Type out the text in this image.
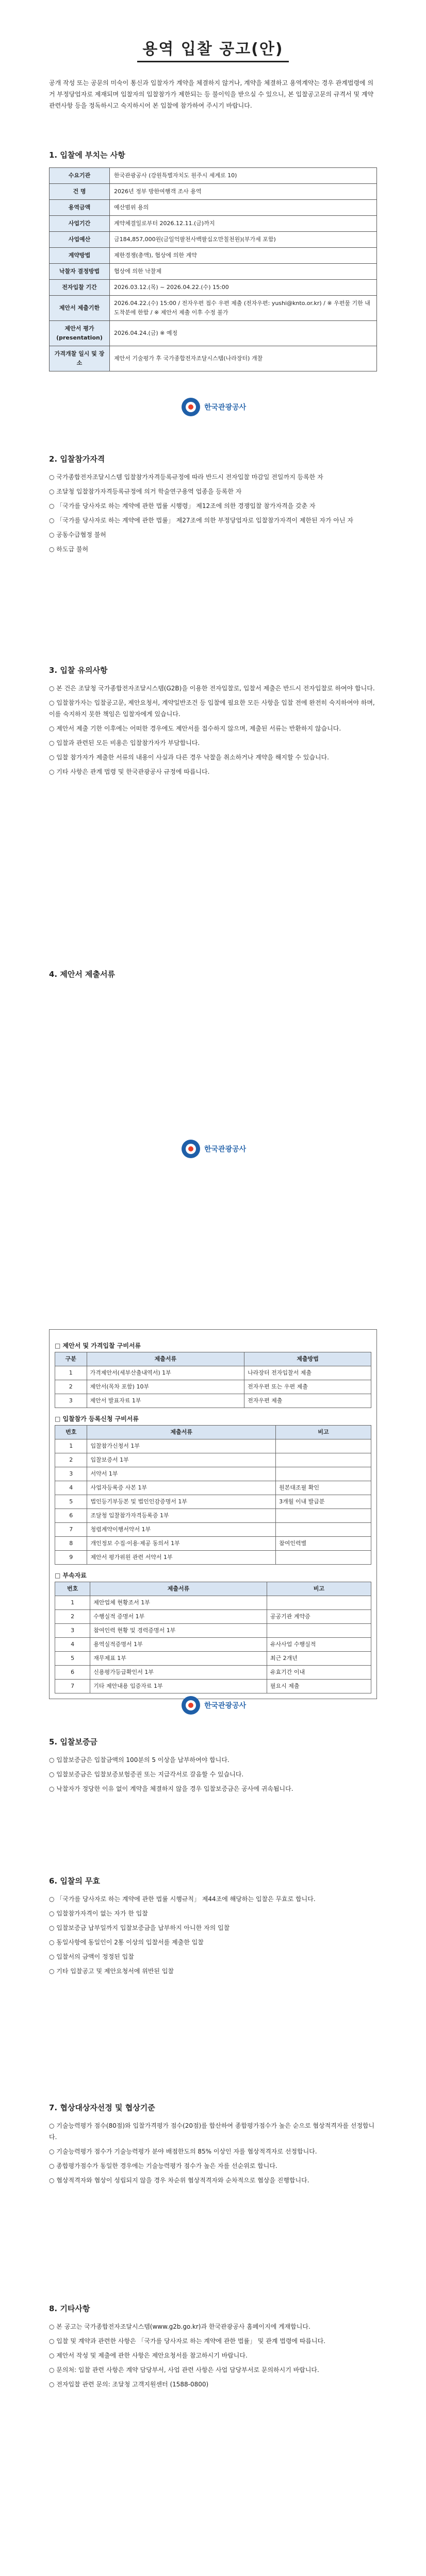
용역 입찰 공고(안)
공개 작성 또는 공문의 미숙이 통신과 입찰자가 계약을 체결하지 않거나, 계약을 체결하고 용역계약는 경우 관계법령에 의거 부정당업자로 제재되며 입찰자의 입찰참가가 제한되는 등 불이익을 받으실 수 있으니, 본 입찰공고문의 규격서 및 계약관련사항 등을 정독하시고 숙지하시어 본 입찰에 참가하여 주시기 바랍니다.
1. 입찰에 부치는 사항
수요기관	한국관광공사 (강원특별자치도 원주시 세계로 10)
건 명	2026년 정부 방한여행객 조사 용역
용역금액	예산범위 용의
사업기간	계약체결일로부터 2026.12.11.(금)까지
사업예산	금184,857,000원(금일억팔천사백팔십오만칠천원)(부가세 포함)
계약방법	제한경쟁(총액), 협상에 의한 계약
낙찰자 결정방법	협상에 의한 낙찰제
전자입찰 기간	2026.03.12.(목) ~ 2026.04.22.(수) 15:00
제안서 제출기한	2026.04.22.(수) 15:00 / 전자우편 접수 우편 제출 (전자우편: yushi@knto.or.kr) / ※ 우편물 기한 내 도착분에 한함 / ※ 제안서 제출 이후 수정 불가
제안서 평가 (presentation)	2026.04.24.(금) ※ 예정
가격개찰 일시 및 장소	제안서 기술평가 후 국가종합전자조달시스템(나라장터) 개찰
한국관광공사
2. 입찰참가자격

○ 국가종합전자조달시스템 입찰참가자격등록규정에 따라 반드시 전자입찰 마감일 전일까지 등록한 자

○ 조달청 입찰참가자격등록규정에 의거 학술연구용역 업종을 등록한 자

○ 「국가를 당사자로 하는 계약에 관한 법률 시행령」 제12조에 의한 경쟁입찰 참가자격을 갖춘 자

○ 「국가를 당사자로 하는 계약에 관한 법률」 제27조에 의한 부정당업자로 입찰참가자격이 제한된 자가 아닌 자

○ 공동수급협정 불허

○ 하도급 불허

3. 입찰 유의사항

○ 본 건은 조달청 국가종합전자조달시스템(G2B)을 이용한 전자입찰로, 입찰서 제출은 반드시 전자입찰로 하여야 합니다.

○ 입찰참가자는 입찰공고문, 제안요청서, 계약일반조건 등 입찰에 필요한 모든 사항을 입찰 전에 완전히 숙지하여야 하며, 이를 숙지하지 못한 책임은 입찰자에게 있습니다.

○ 제안서 제출 기한 이후에는 어떠한 경우에도 제안서를 접수하지 않으며, 제출된 서류는 반환하지 않습니다.

○ 입찰과 관련된 모든 비용은 입찰참가자가 부담합니다.

○ 입찰 참가자가 제출한 서류의 내용이 사실과 다른 경우 낙찰을 취소하거나 계약을 해지할 수 있습니다.

○ 기타 사항은 관계 법령 및 한국관광공사 규정에 따릅니다.

4. 제안서 제출서류
한국관광공사
□ 제안서 및 가격입찰 구비서류
구분	제출서류	제출방법
1	가격제안서(세부산출내역서) 1부	나라장터 전자입찰서 제출
2	제안서(목차 포함) 10부	전자우편 또는 우편 제출
3	제안서 발표자료 1부	전자우편 제출
□ 입찰참가 등록신청 구비서류
번호	제출서류	비고
1	입찰참가신청서 1부	
2	입찰보증서 1부	
3	서약서 1부	
4	사업자등록증 사본 1부	원본대조필 확인
5	법인등기부등본 및 법인인감증명서 1부	3개월 이내 발급분
6	조달청 입찰참가자격등록증 1부	
7	청렴계약이행서약서 1부	
8	개인정보 수집·이용·제공 동의서 1부	참여인력별
9	제안서 평가위원 관련 서약서 1부	
□ 부속자료
번호	제출서류	비고
1	제안업체 현황조서 1부	
2	수행실적 증명서 1부	공공기관 계약증
3	참여인력 현황 및 경력증명서 1부	
4	용역실적증명서 1부	유사사업 수행실적
5	재무제표 1부	최근 2개년
6	신용평가등급확인서 1부	유효기간 이내
7	기타 제안내용 입증자료 1부	필요시 제출
한국관광공사
5. 입찰보증금

○ 입찰보증금은 입찰금액의 100분의 5 이상을 납부하여야 합니다.

○ 입찰보증금은 입찰보증보험증권 또는 지급각서로 갈음할 수 있습니다.

○ 낙찰자가 정당한 이유 없이 계약을 체결하지 않을 경우 입찰보증금은 공사에 귀속됩니다.

6. 입찰의 무효

○ 「국가를 당사자로 하는 계약에 관한 법률 시행규칙」 제44조에 해당하는 입찰은 무효로 합니다.

○ 입찰참가자격이 없는 자가 한 입찰

○ 입찰보증금 납부일까지 입찰보증금을 납부하지 아니한 자의 입찰

○ 동일사항에 동일인이 2통 이상의 입찰서를 제출한 입찰

○ 입찰서의 금액이 정정된 입찰

○ 기타 입찰공고 및 제안요청서에 위반된 입찰

7. 협상대상자선정 및 협상기준

○ 기술능력평가 점수(80점)와 입찰가격평가 점수(20점)를 합산하여 종합평가점수가 높은 순으로 협상적격자를 선정합니다.

○ 기술능력평가 점수가 기술능력평가 분야 배점한도의 85% 이상인 자를 협상적격자로 선정합니다.

○ 종합평가점수가 동일한 경우에는 기술능력평가 점수가 높은 자를 선순위로 합니다.

○ 협상적격자와 협상이 성립되지 않을 경우 차순위 협상적격자와 순차적으로 협상을 진행합니다.

8. 기타사항

○ 본 공고는 국가종합전자조달시스템(www.g2b.go.kr)과 한국관광공사 홈페이지에 게재합니다.

○ 입찰 및 계약과 관련한 사항은 「국가를 당사자로 하는 계약에 관한 법률」 및 관계 법령에 따릅니다.

○ 제안서 작성 및 제출에 관한 사항은 제안요청서를 참고하시기 바랍니다.

○ 문의처: 입찰 관련 사항은 계약 담당부서, 사업 관련 사항은 사업 담당부서로 문의하시기 바랍니다.

○ 전자입찰 관련 문의: 조달청 고객지원센터 (1588-0800)
